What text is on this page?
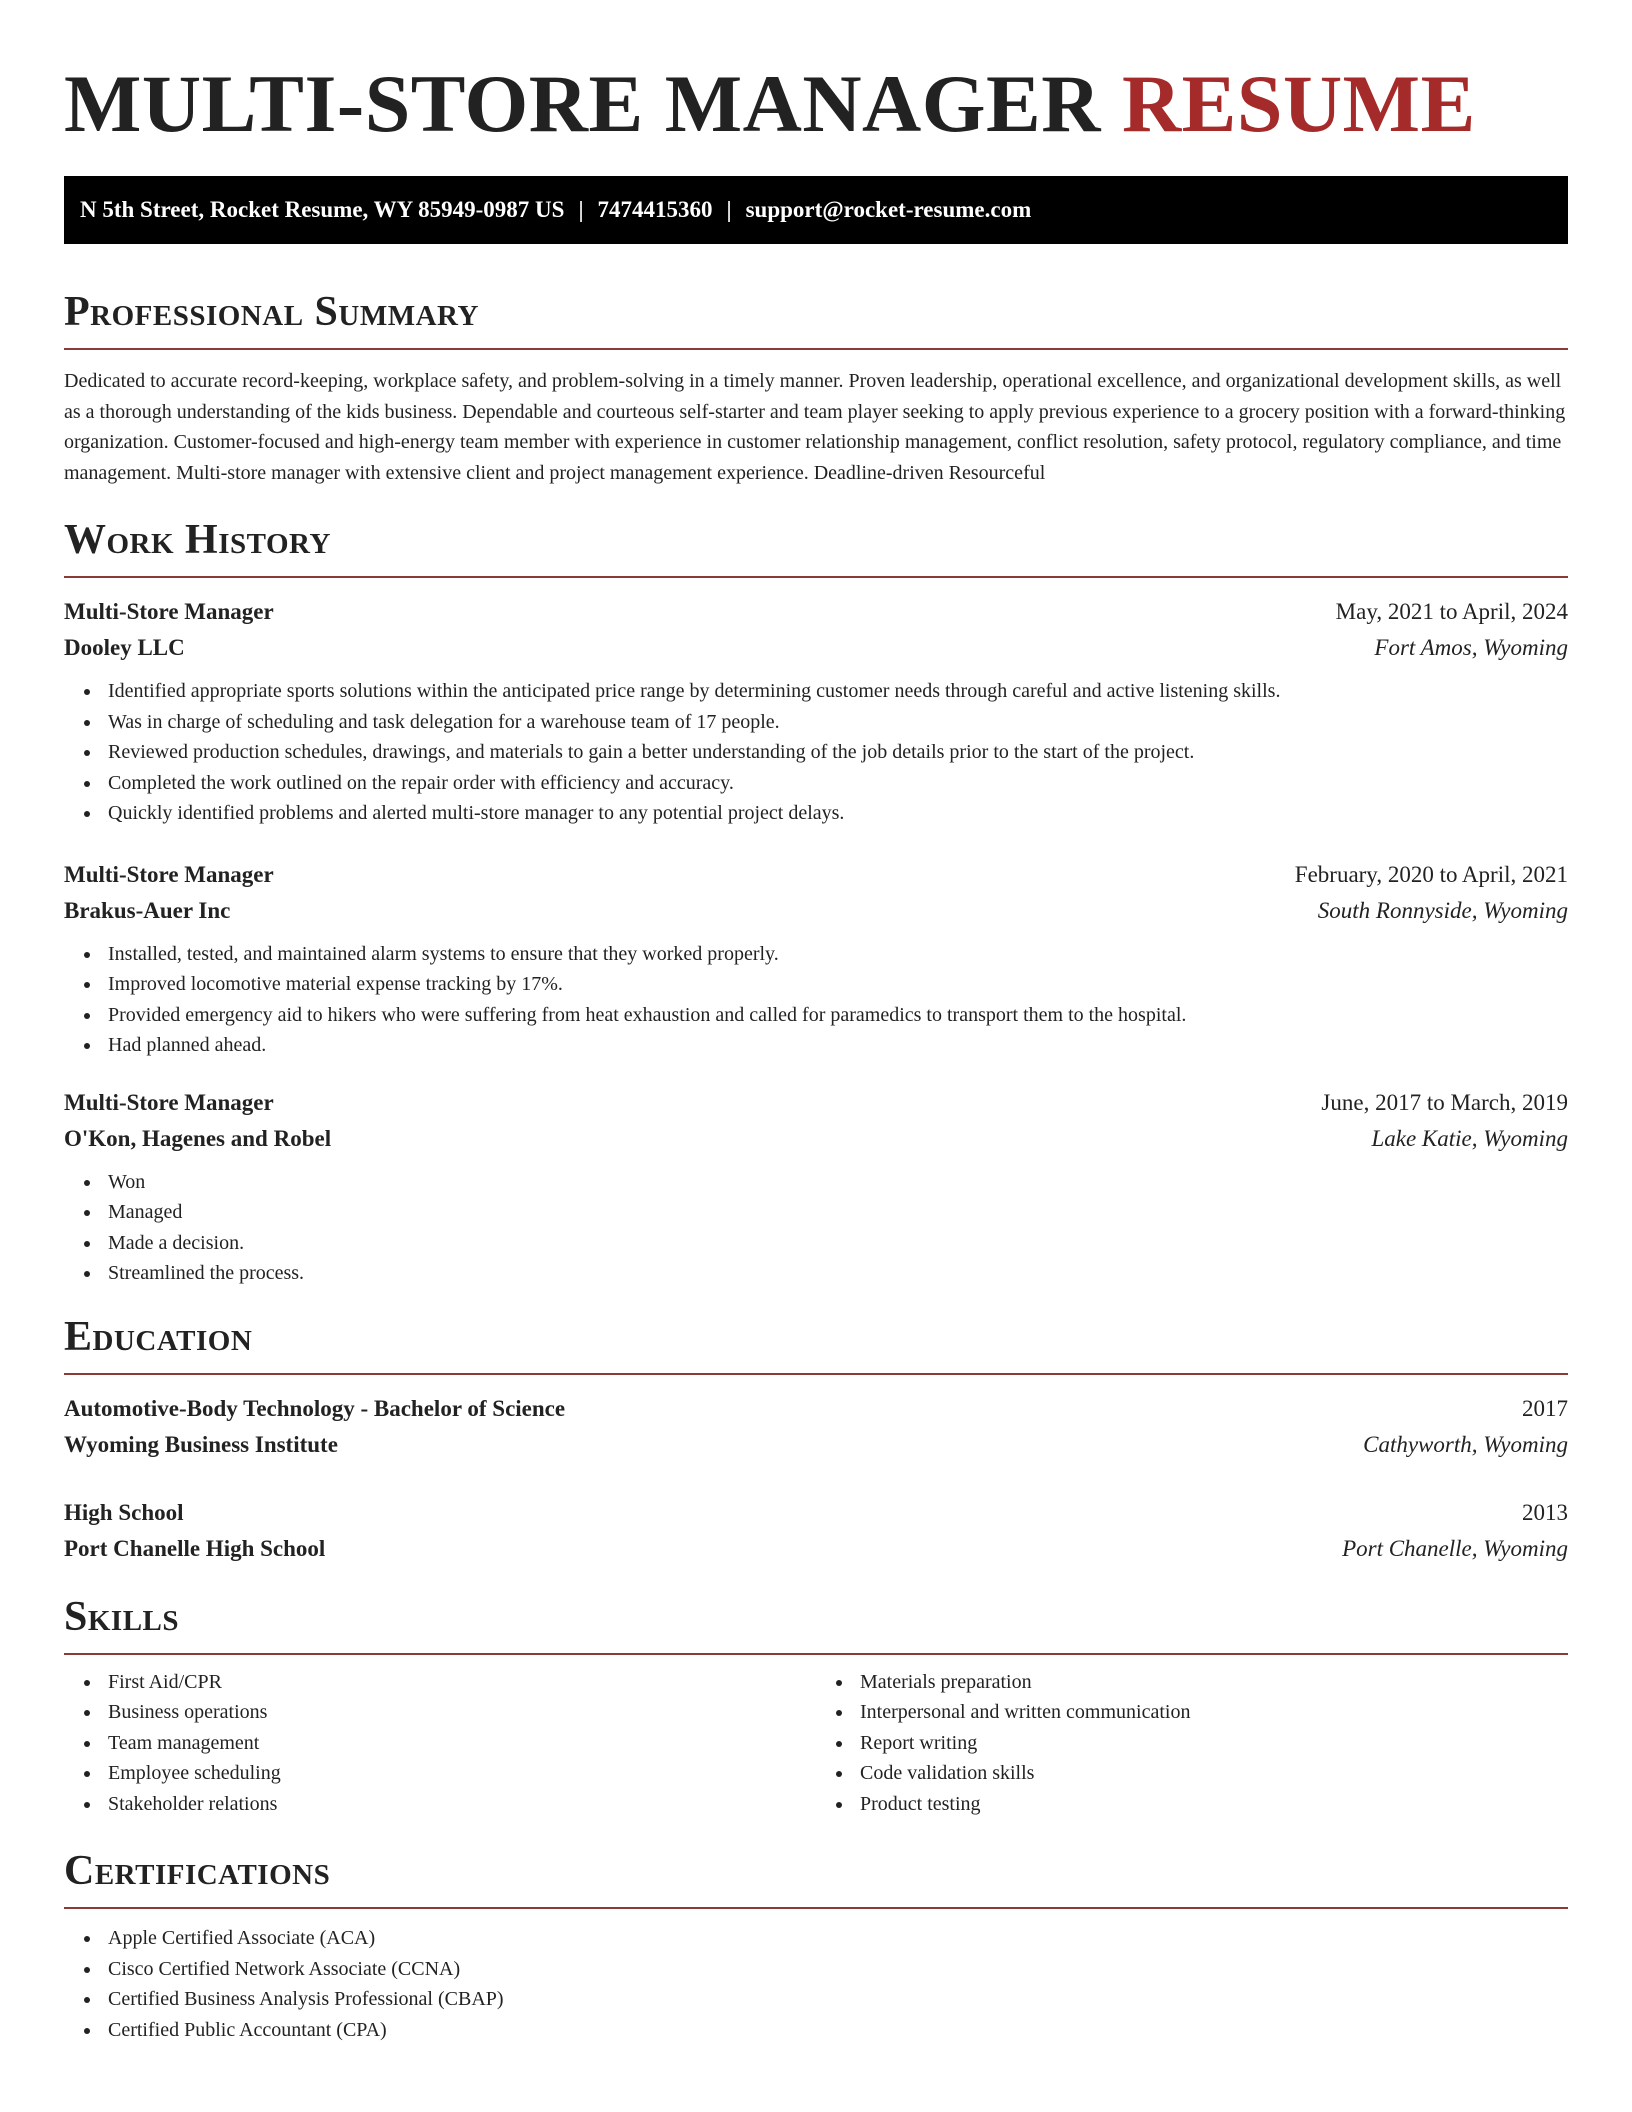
MULTI-STORE MANAGER RESUME
N 5th Street, Rocket Resume, WY 85949-0987 US | 7474415360 | support@rocket-resume.com
Professional Summary

Dedicated to accurate record-keeping, workplace safety, and problem-solving in a timely manner. Proven leadership, operational excellence, and organizational development skills, as well as a thorough understanding of the kids business. Dependable and courteous self-starter and team player seeking to apply previous experience to a grocery position with a forward-thinking organization. Customer-focused and high-energy team member with experience in customer relationship management, conflict resolution, safety protocol, regulatory compliance, and time management. Multi-store manager with extensive client and project management experience. Deadline-driven Resourceful

Work History
Multi-Store Manager	May, 2021 to April, 2024
Dooley LLC	Fort Amos, Wyoming
Identified appropriate sports solutions within the anticipated price range by determining customer needs through careful and active listening skills.
Was in charge of scheduling and task delegation for a warehouse team of 17 people.
Reviewed production schedules, drawings, and materials to gain a better understanding of the job details prior to the start of the project.
Completed the work outlined on the repair order with efficiency and accuracy.
Quickly identified problems and alerted multi-store manager to any potential project delays.
Multi-Store Manager	February, 2020 to April, 2021
Brakus-Auer Inc	South Ronnyside, Wyoming
Installed, tested, and maintained alarm systems to ensure that they worked properly.
Improved locomotive material expense tracking by 17%.
Provided emergency aid to hikers who were suffering from heat exhaustion and called for paramedics to transport them to the hospital.
Had planned ahead.
Multi-Store Manager	June, 2017 to March, 2019
O'Kon, Hagenes and Robel	Lake Katie, Wyoming
Won
Managed
Made a decision.
Streamlined the process.
Education
Automotive-Body Technology - Bachelor of Science	2017
Wyoming Business Institute	Cathyworth, Wyoming
High School	2013
Port Chanelle High School	Port Chanelle, Wyoming
Skills
First Aid/CPR
Business operations
Team management
Employee scheduling
Stakeholder relations
Materials preparation
Interpersonal and written communication
Report writing
Code validation skills
Product testing
Certifications
Apple Certified Associate (ACA)
Cisco Certified Network Associate (CCNA)
Certified Business Analysis Professional (CBAP)
Certified Public Accountant (CPA)
